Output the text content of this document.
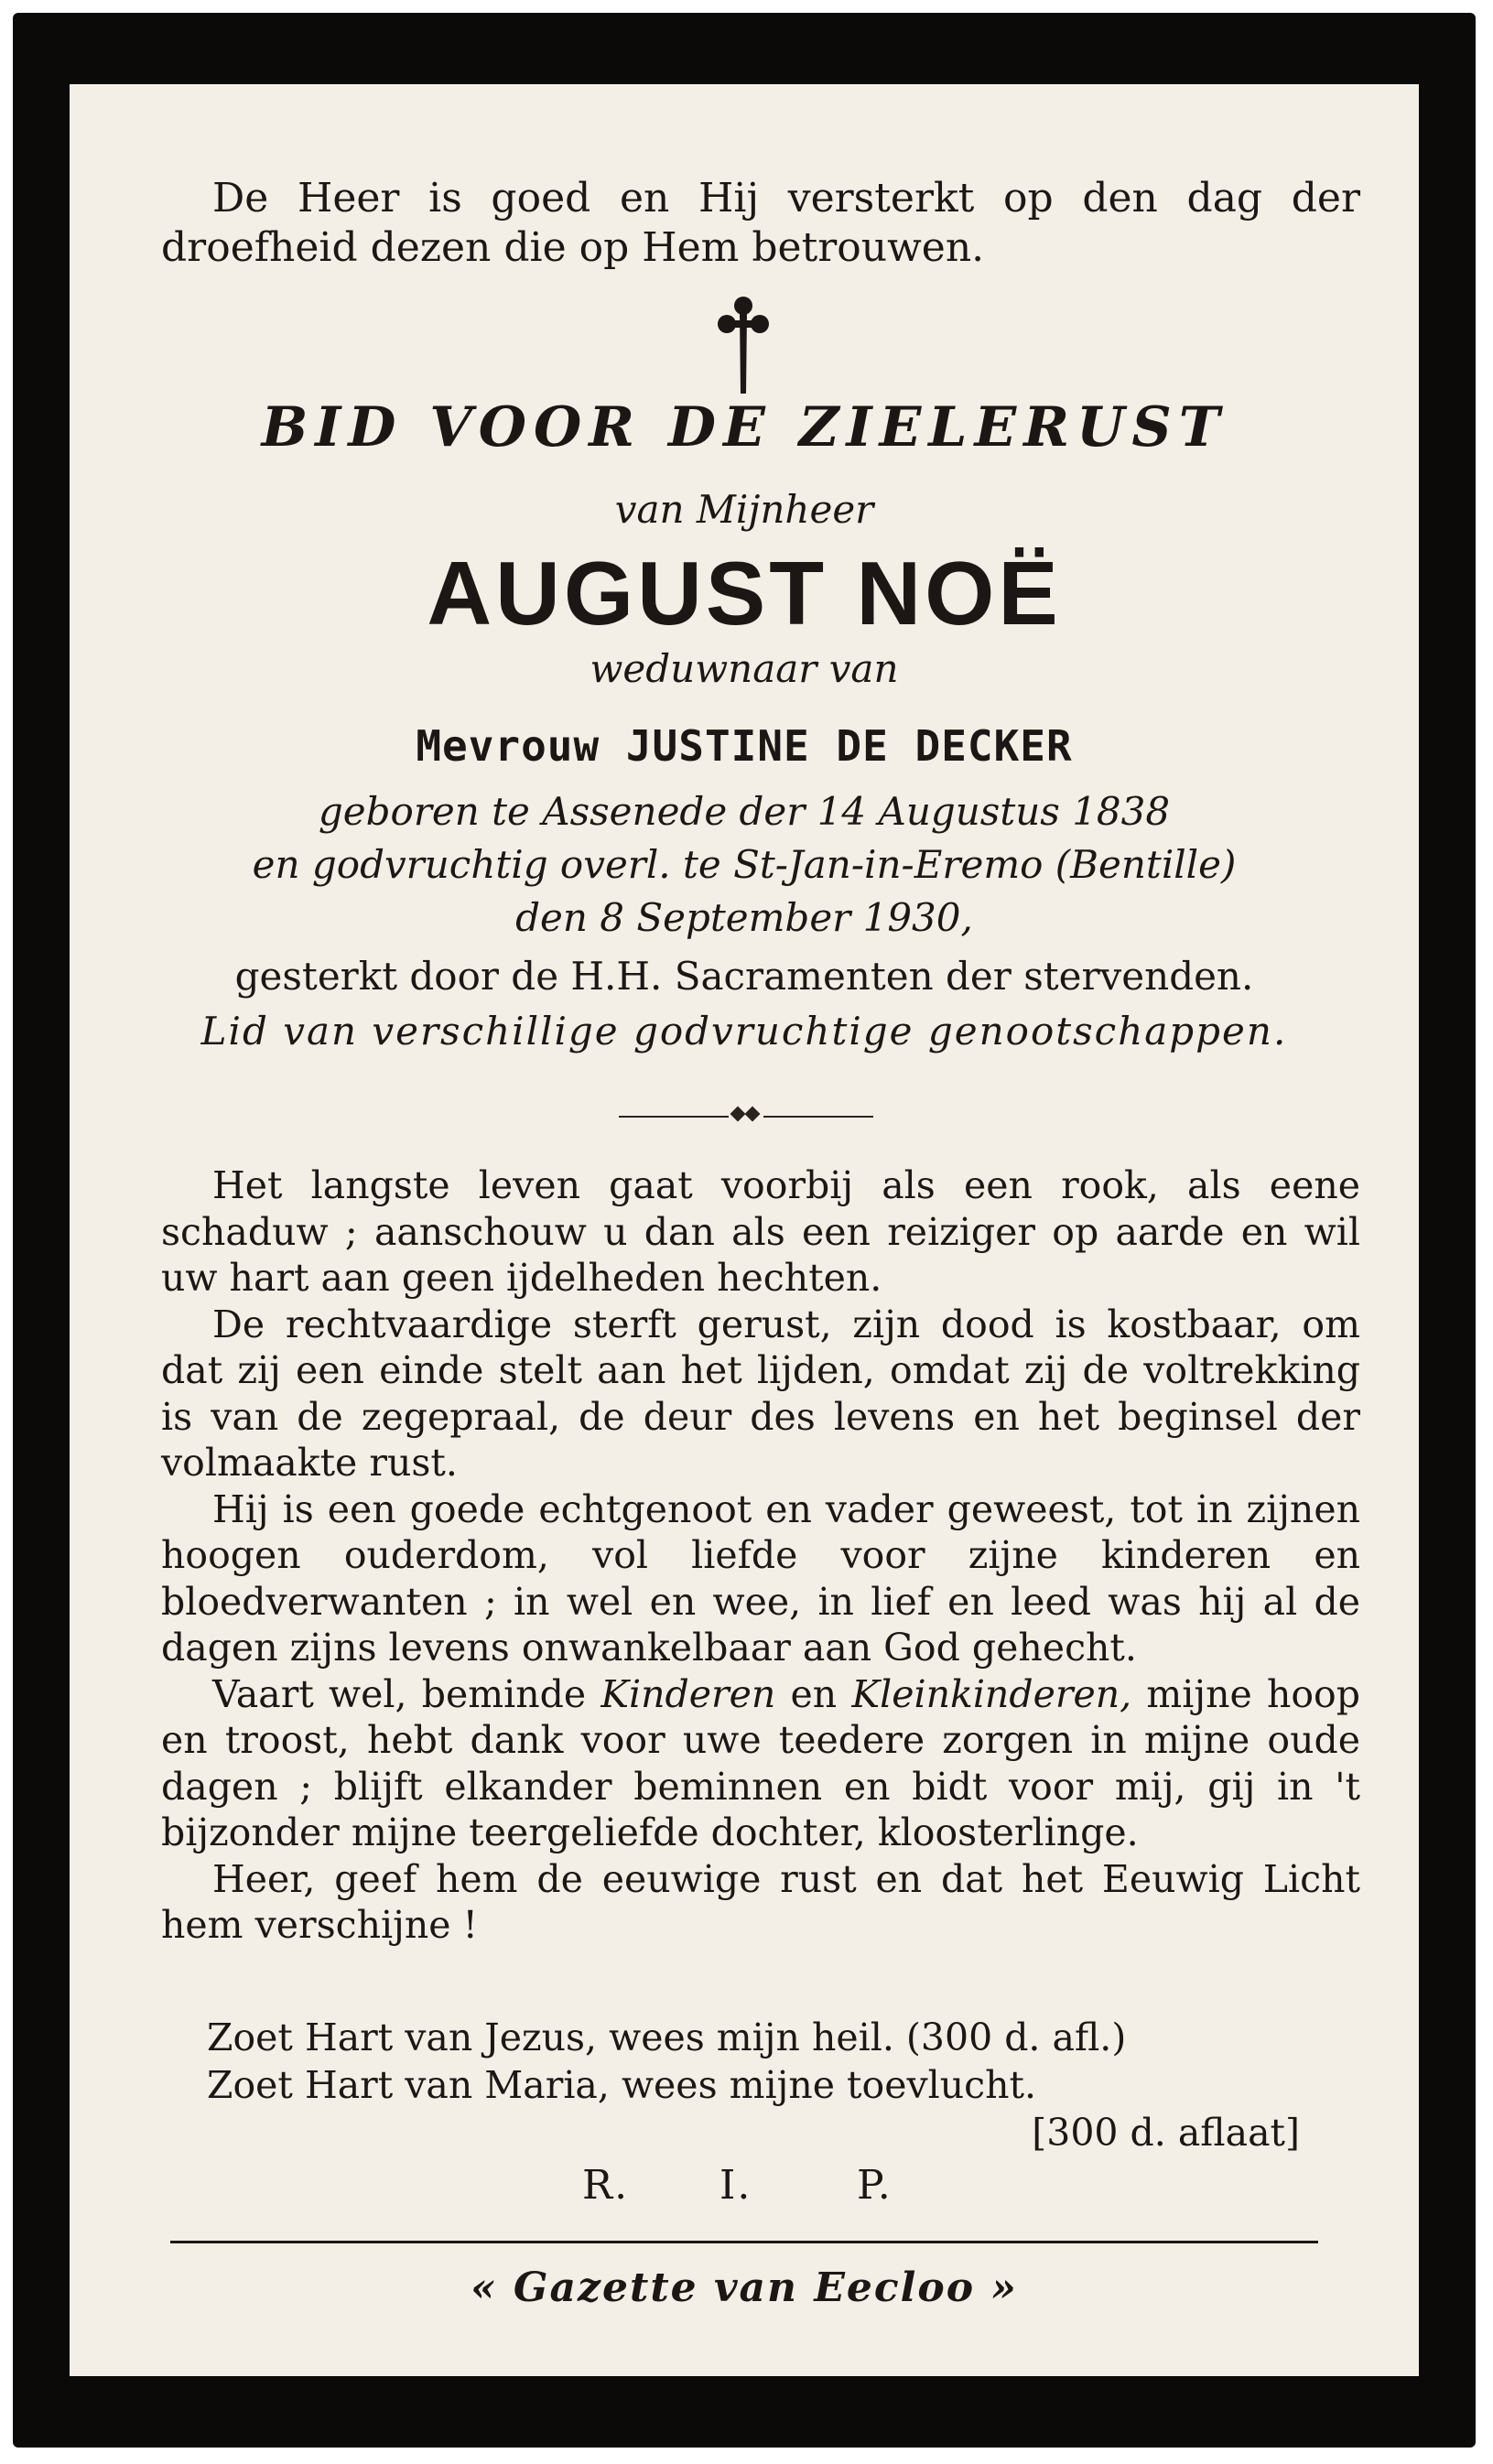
De Heer is goed en Hij versterkt op den dag der
droefheid dezen die op Hem betrouwen.
BID VOOR DE ZIELERUST
van Mijnheer
AUGUST NOË
weduwnaar van
Mevrouw JUSTINE DE DECKER
geboren te Assenede der 14 Augustus 1838
en godvruchtig overl. te St-Jan-in-Eremo (Bentille)
den 8 September 1930,
gesterkt door de H.H. Sacramenten der stervenden.
Lid van verschillige godvruchtige genootschappen.

Het langste leven gaat voorbij als een rook, als eene schaduw ; aanschouw u dan als een reiziger op aarde en wil uw hart aan geen ijdelheden hechten.

De rechtvaardige sterft gerust, zijn dood is kostbaar, om dat zij een einde stelt aan het lijden, omdat zij de voltrekking is van de zegepraal, de deur des levens en het beginsel der volmaakte rust.

Hij is een goede echtgenoot en vader geweest, tot in zijnen hoogen ouderdom, vol liefde voor zijne kinderen en bloedverwanten ; in wel en wee, in lief en leed was hij al de dagen zijns levens onwankelbaar aan God gehecht.

Vaart wel, beminde Kinderen en Kleinkinderen, mijne hoop en troost, hebt dank voor uwe teedere zorgen in mijne oude dagen ; blijft elkander beminnen en bidt voor mij, gij in 't bijzonder mijne teergeliefde dochter, kloosterlinge.

Heer, geef hem de eeuwige rust en dat het Eeuwig Licht hem verschijne !

Zoet Hart van Jezus, wees mijn heil. (300 d. afl.)
Zoet Hart van Maria, wees mijne toevlucht.
[300 d. aflaat]
R. I.	P.
« Gazette van Eecloo »
